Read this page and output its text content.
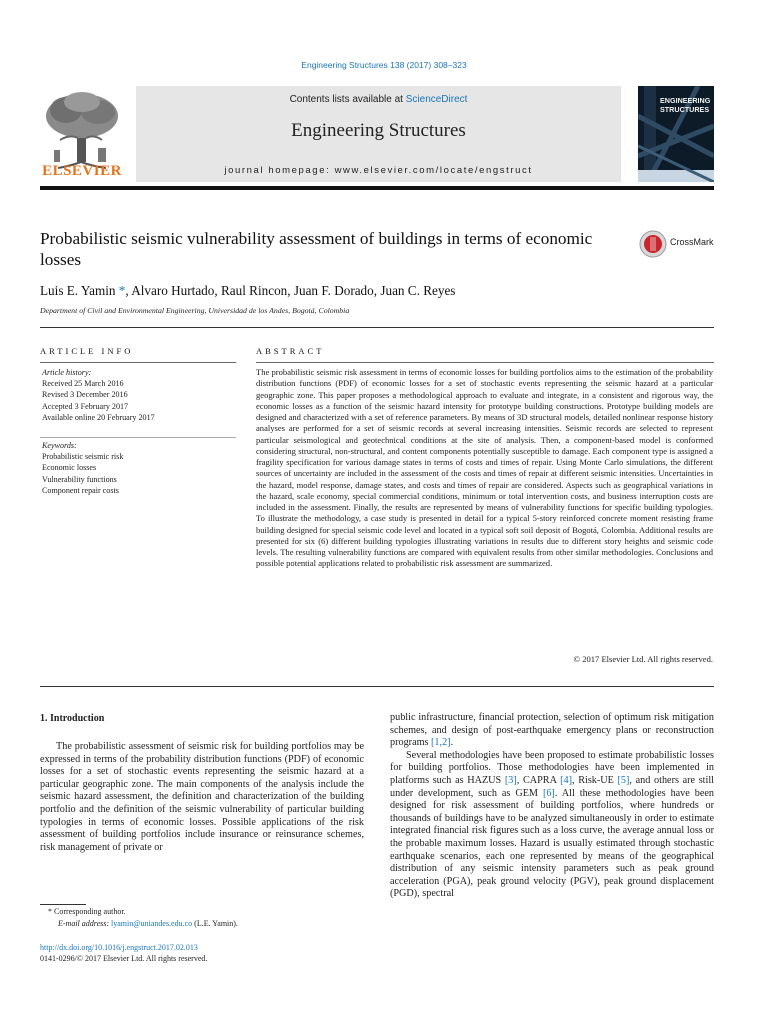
Engineering Structures 138 (2017) 308–323
ELSEVIER
Contents lists available at ScienceDirect
Engineering Structures
journal homepage: www.elsevier.com/locate/engstruct
ENGINEERING
STRUCTURES
Probabilistic seismic vulnerability assessment of buildings in terms of economic losses
CrossMark
Luis E. Yamin *, Alvaro Hurtado, Raul Rincon, Juan F. Dorado, Juan C. Reyes
Department of Civil and Environmental Engineering, Universidad de los Andes, Bogotá, Colombia
ARTICLE INFO	ABSTRACT
Article history:
Received 25 March 2016
Revised 3 December 2016
Accepted 3 February 2017
Available online 20 February 2017
Keywords:
Probabilistic seismic risk
Economic losses
Vulnerability functions
Component repair costs
The probabilistic seismic risk assessment in terms of economic losses for building portfolios aims to the estimation of the probability distribution functions (PDF) of economic losses for a set of stochastic events representing the seismic hazard at a particular geographic zone. This paper proposes a methodological approach to evaluate and integrate, in a consistent and rigorous way, the economic losses as a function of the seismic hazard intensity for prototype building constructions. Prototype building models are designed and characterized with a set of reference parameters. By means of 3D structural models, detailed nonlinear response history analyses are performed for a set of seismic records at several increasing intensities. Seismic records are selected to represent particular seismological and geotechnical conditions at the site of analysis. Then, a component-based model is conformed considering structural, non-structural, and content components potentially susceptible to damage. Each component type is assigned a fragility specification for various damage states in terms of costs and times of repair. Using Monte Carlo simulations, the different sources of uncertainty are included in the assessment of the costs and times of repair at different seismic intensities. Uncertainties in the hazard, model response, damage states, and costs and times of repair are considered. Aspects such as geographical variations in the hazard, scale economy, special commercial conditions, minimum or total intervention costs, and business interruption costs are included in the assessment. Finally, the results are represented by means of vulnerability functions for specific building typologies. To illustrate the methodology, a case study is presented in detail for a typical 5-story reinforced concrete moment resisting frame building designed for special seismic code level and located in a typical soft soil deposit of Bogotá, Colombia. Additional results are presented for six (6) different building typologies illustrating variations in results due to different story heights and seismic code levels. The resulting vulnerability functions are compared with equivalent results from other similar methodologies. Conclusions and possible potential applications related to probabilistic risk assessment are summarized.
© 2017 Elsevier Ltd. All rights reserved.
1. Introduction

The probabilistic assessment of seismic risk for building portfolios may be expressed in terms of the probability distribution functions (PDF) of economic losses for a set of stochastic events representing the seismic hazard at a particular geographic zone. The main components of the analysis include the seismic hazard assessment, the definition and characterization of the building portfolio and the definition of the seismic vulnerability of particular building typologies in terms of economic losses. Possible applications of the risk assessment of building portfolios include insurance or reinsurance schemes, risk management of private or

public infrastructure, financial protection, selection of optimum risk mitigation schemes, and design of post-earthquake emergency plans or reconstruction programs [1,2].

Several methodologies have been proposed to estimate probabilistic losses for building portfolios. Those methodologies have been implemented in platforms such as HAZUS [3], CAPRA [4], Risk-UE [5], and others are still under development, such as GEM [6]. All these methodologies have been designed for risk assessment of building portfolios, where hundreds or thousands of buildings have to be analyzed simultaneously in order to estimate integrated financial risk figures such as a loss curve, the average annual loss or the probable maximum losses. Hazard is usually estimated through stochastic earthquake scenarios, each one represented by means of the geographical distribution of any seismic intensity parameters such as peak ground acceleration (PGA), peak ground velocity (PGV), peak ground displacement (PGD), spectral

* Corresponding author.
E-mail address: lyamin@uniandes.edu.co (L.E. Yamin).
http://dx.doi.org/10.1016/j.engstruct.2017.02.013
0141-0296/© 2017 Elsevier Ltd. All rights reserved.
